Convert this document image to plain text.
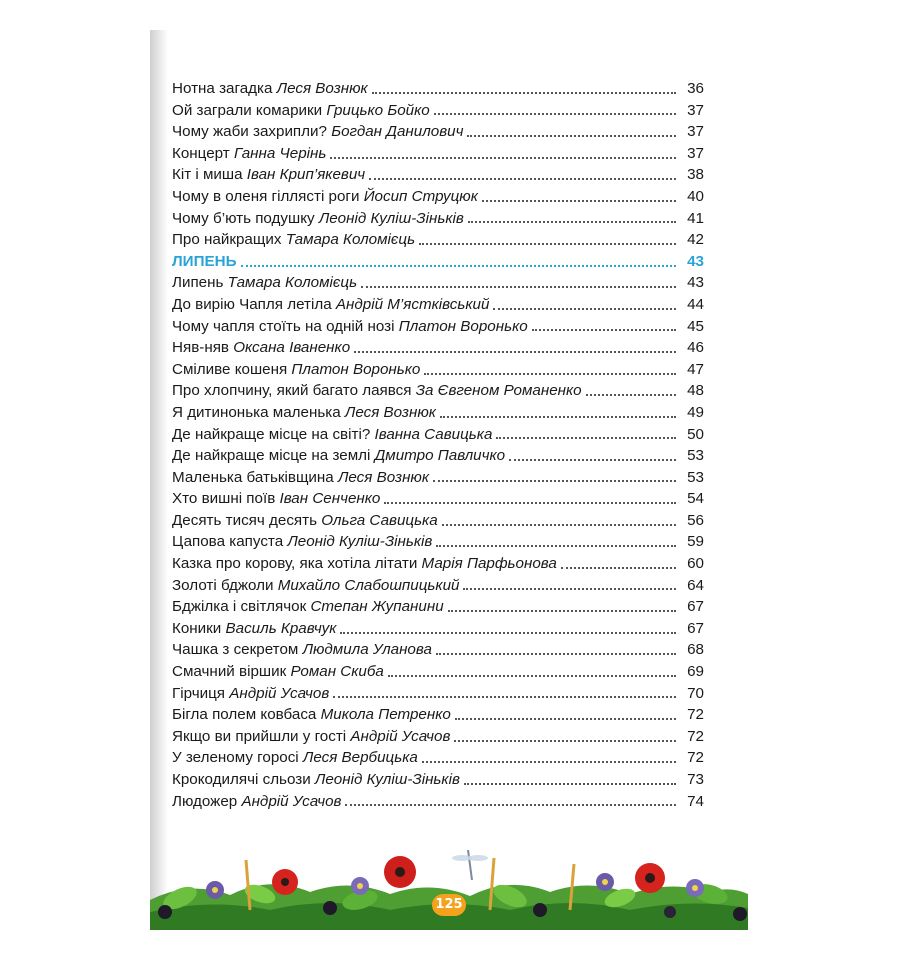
Нотна загадка Леся Вознюк	36
Ой заграли комарики Грицько Бойко	37
Чому жаби захрипли? Богдан Данилович	37
Концерт Ганна Черінь	37
Кіт і миша Іван Крип’якевич	38
Чому в оленя гіллясті роги Йосип Струцюк	40
Чому б’ють подушку Леонід Куліш-Зіньків	41
Про найкращих Тамара Коломієць	42
ЛИПЕНЬ	43
Липень Тамара Коломієць	43
До вирію Чапля летіла Андрій М’ястківський	44
Чому чапля стоїть на одній нозі Платон Воронько	45
Няв-няв Оксана Іваненко	46
Сміливе кошеня Платон Воронько	47
Про хлопчину, який багато лаявся За Євгеном Романенко	48
Я дитинонька маленька Леся Вознюк	49
Де найкраще місце на світі? Іванна Савицька	50
Де найкраще місце на землі Дмитро Павличко	53
Маленька батьківщина Леся Вознюк	53
Хто вишні поїв Іван Сенченко	54
Десять тисяч десять Ольга Савицька	56
Цапова капуста Леонід Куліш-Зіньків	59
Казка про корову, яка хотіла літати Марія Парфьонова	60
Золоті бджоли Михайло Слабошпицький	64
Бджілка і світлячок Степан Жупанини	67
Коники Василь Кравчук	67
Чашка з секретом Людмила Уланова	68
Смачний віршик Роман Скиба	69
Гірчиця Андрій Усачов	70
Бігла полем ковбаса Микола Петренко	72
Якщо ви прийшли у гості Андрій Усачов	72
У зеленому горосі Леся Вербицька	72
Крокодилячі сльози Леонід Куліш-Зіньків	73
Людожер Андрій Усачов	74
125
